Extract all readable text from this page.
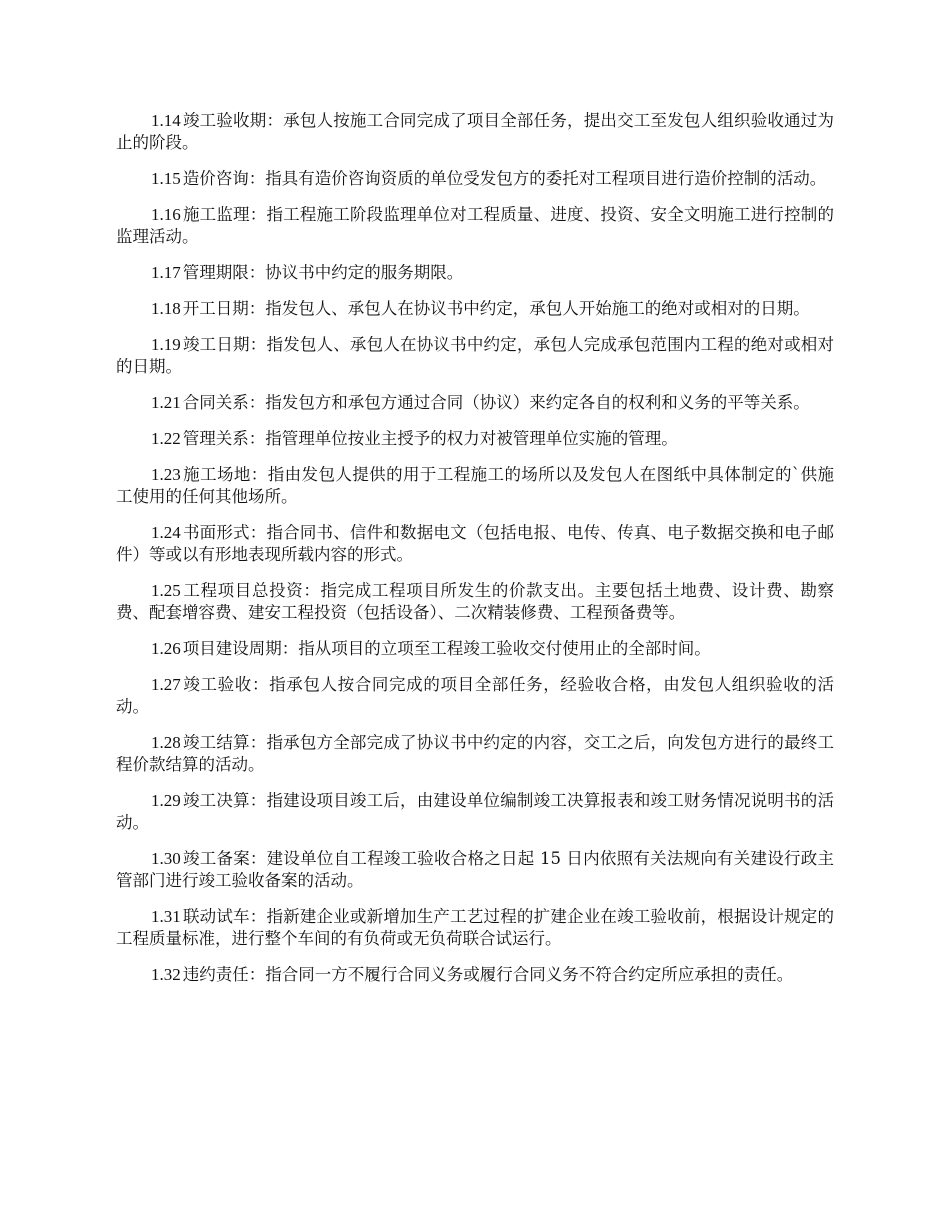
1.14 竣工验收期：承包人按施工合同完成了项目全部任务，提出交工至发包人组织验收通过为止的阶段。

1.15 造价咨询：指具有造价咨询资质的单位受发包方的委托对工程项目进行造价控制的活动。

1.16 施工监理：指工程施工阶段监理单位对工程质量、进度、投资、安全文明施工进行控制的监理活动。

1.17 管理期限：协议书中约定的服务期限。

1.18 开工日期：指发包人、承包人在协议书中约定，承包人开始施工的绝对或相对的日期。

1.19 竣工日期：指发包人、承包人在协议书中约定，承包人完成承包范围内工程的绝对或相对的日期。

1.21 合同关系：指发包方和承包方通过合同（协议）来约定各自的权利和义务的平等关系。

1.22 管理关系：指管理单位按业主授予的权力对被管理单位实施的管理。

1.23 施工场地：指由发包人提供的用于工程施工的场所以及发包人在图纸中具体制定的`供施工使用的任何其他场所。

1.24 书面形式：指合同书、信件和数据电文（包括电报、电传、传真、电子数据交换和电子邮件）等或以有形地表现所载内容的形式。

1.25 工程项目总投资：指完成工程项目所发生的价款支出。主要包括土地费、设计费、勘察费、配套增容费、建安工程投资（包括设备）、二次精装修费、工程预备费等。

1.26 项目建设周期：指从项目的立项至工程竣工验收交付使用止的全部时间。

1.27 竣工验收：指承包人按合同完成的项目全部任务，经验收合格，由发包人组织验收的活动。

1.28 竣工结算：指承包方全部完成了协议书中约定的内容，交工之后，向发包方进行的最终工程价款结算的活动。

1.29 竣工决算：指建设项目竣工后，由建设单位编制竣工决算报表和竣工财务情况说明书的活动。

1.30 竣工备案：建设单位自工程竣工验收合格之日起 15 日内依照有关法规向有关建设行政主管部门进行竣工验收备案的活动。

1.31 联动试车：指新建企业或新增加生产工艺过程的扩建企业在竣工验收前，根据设计规定的工程质量标准，进行整个车间的有负荷或无负荷联合试运行。

1.32 违约责任：指合同一方不履行合同义务或履行合同义务不符合约定所应承担的责任。
